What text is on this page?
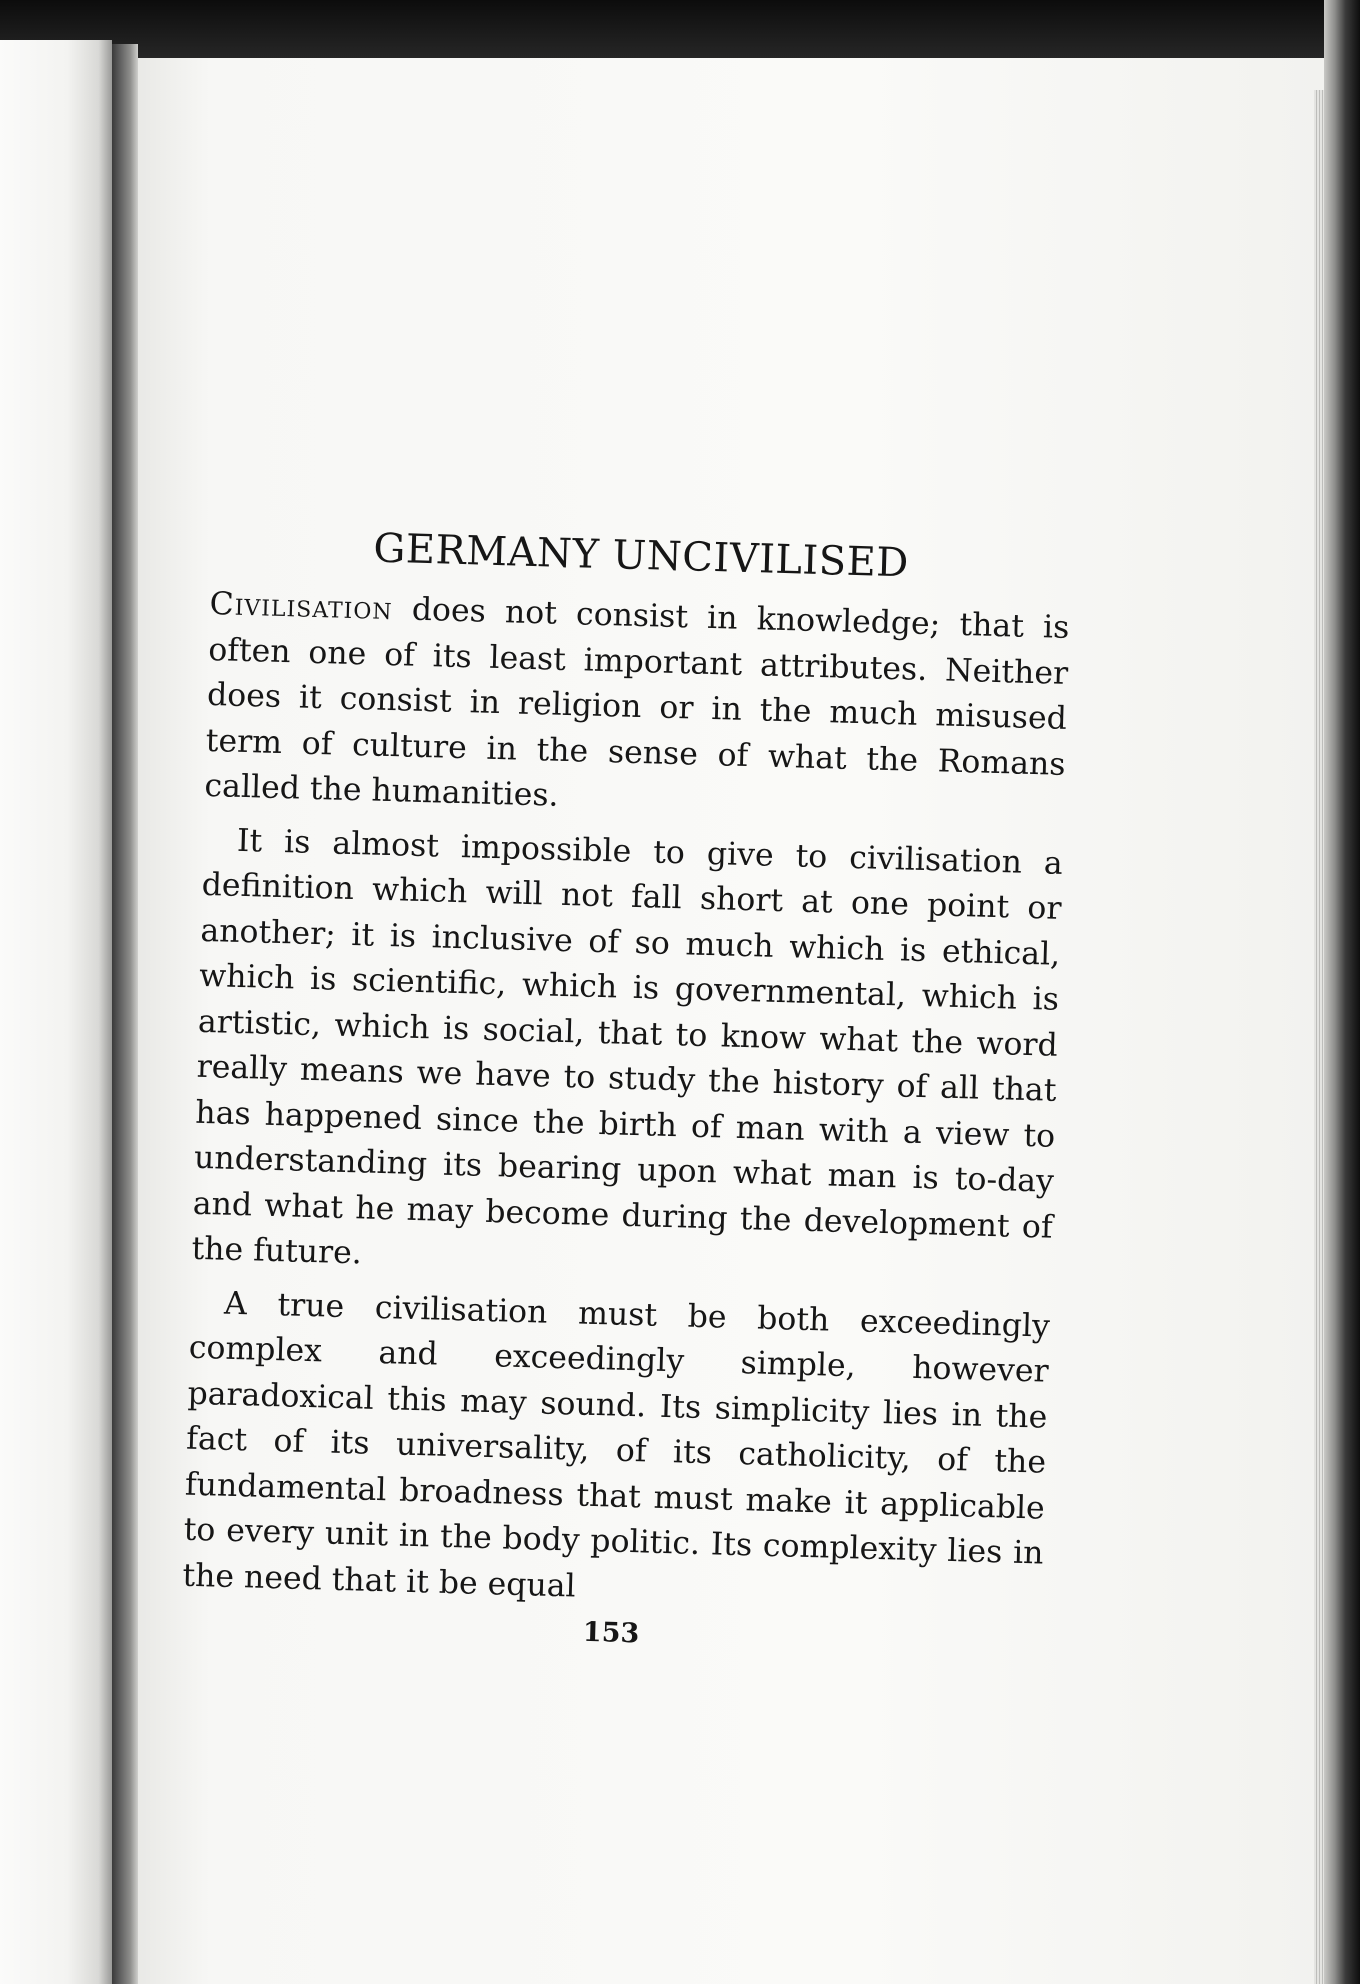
GERMANY UNCIVILISED

Civilisation does not consist in knowledge; that is often one of its least important attributes. Neither does it consist in religion or in the much misused term of culture in the sense of what the Romans called the humanities.

It is almost impossible to give to civilisation a definition which will not fall short at one point or another; it is inclusive of so much which is ethical, which is scientific, which is governmental, which is artistic, which is social, that to know what the word really means we have to study the history of all that has happened since the birth of man with a view to understanding its bearing upon what man is to-day and what he may become during the development of the future.

A true civilisation must be both exceedingly complex and exceedingly simple, however paradoxical this may sound. Its simplicity lies in the fact of its universality, of its catholicity, of the fundamental broadness that must make it applicable to every unit in the body politic. Its complexity lies in the need that it be equal

153
